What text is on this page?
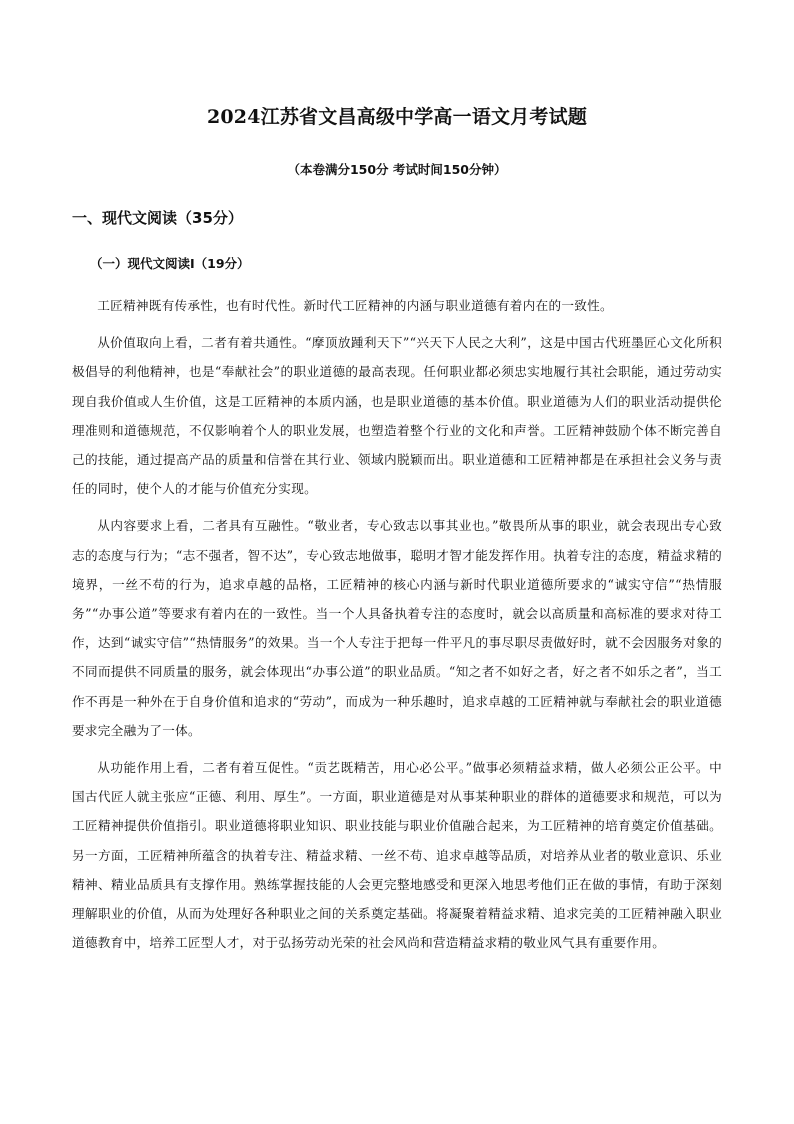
2024江苏省文昌高级中学高一语文月考试题
（本卷满分150分 考试时间150分钟）
一、现代文阅读（35分）
（一）现代文阅读I（19分）

工匠精神既有传承性，也有时代性。新时代工匠精神的内涵与职业道德有着内在的一致性。

从价值取向上看，二者有着共通性。“摩顶放踵利天下”“兴天下人民之大利”，这是中国古代班墨匠心文化所积极倡导的利他精神，也是“奉献社会”的职业道德的最高表现。任何职业都必须忠实地履行其社会职能，通过劳动实现自我价值或人生价值，这是工匠精神的本质内涵，也是职业道德的基本价值。职业道德为人们的职业活动提供伦理准则和道德规范，不仅影响着个人的职业发展，也塑造着整个行业的文化和声誉。工匠精神鼓励个体不断完善自己的技能，通过提高产品的质量和信誉在其行业、领域内脱颖而出。职业道德和工匠精神都是在承担社会义务与责任的同时，使个人的才能与价值充分实现。

从内容要求上看，二者具有互融性。“敬业者，专心致志以事其业也。”敬畏所从事的职业，就会表现出专心致志的态度与行为；“志不强者，智不达”，专心致志地做事，聪明才智才能发挥作用。执着专注的态度，精益求精的境界，一丝不苟的行为，追求卓越的品格，工匠精神的核心内涵与新时代职业道德所要求的“诚实守信”“热情服务”“办事公道”等要求有着内在的一致性。当一个人具备执着专注的态度时，就会以高质量和高标准的要求对待工作，达到“诚实守信”“热情服务”的效果。当一个人专注于把每一件平凡的事尽职尽责做好时，就不会因服务对象的不同而提供不同质量的服务，就会体现出“办事公道”的职业品质。“知之者不如好之者，好之者不如乐之者”，当工作不再是一种外在于自身价值和追求的“劳动”，而成为一种乐趣时，追求卓越的工匠精神就与奉献社会的职业道德要求完全融为了一体。

从功能作用上看，二者有着互促性。“贡艺既精苦，用心必公平。”做事必须精益求精，做人必须公正公平。中国古代匠人就主张应“正德、利用、厚生”。一方面，职业道德是对从事某种职业的群体的道德要求和规范，可以为工匠精神提供价值指引。职业道德将职业知识、职业技能与职业价值融合起来，为工匠精神的培育奠定价值基础。另一方面，工匠精神所蕴含的执着专注、精益求精、一丝不苟、追求卓越等品质，对培养从业者的敬业意识、乐业精神、精业品质具有支撑作用。熟练掌握技能的人会更完整地感受和更深入地思考他们正在做的事情，有助于深刻理解职业的价值，从而为处理好各种职业之间的关系奠定基础。将凝聚着精益求精、追求完美的工匠精神融入职业道德教育中，培养工匠型人才，对于弘扬劳动光荣的社会风尚和营造精益求精的敬业风气具有重要作用。
